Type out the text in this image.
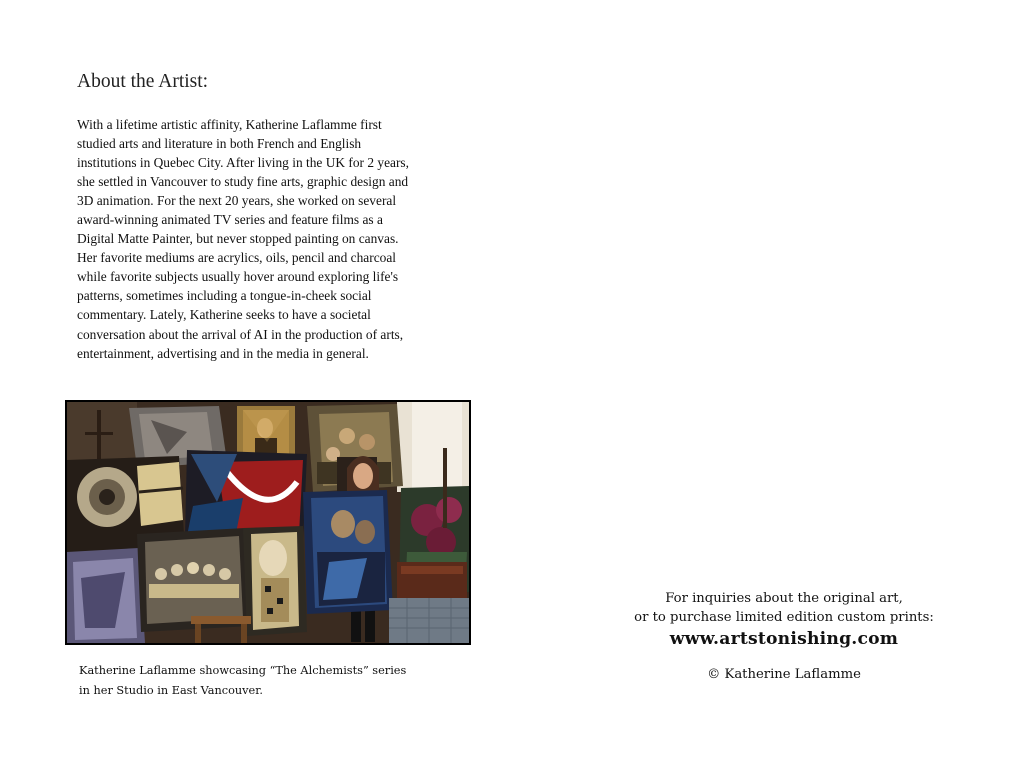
About the Artist:

With a lifetime artistic affinity, Katherine Laflamme first
studied arts and literature in both French and English
institutions in Quebec City. After living in the UK for 2 years,
she settled in Vancouver to study fine arts, graphic design and
3D animation. For the next 20 years, she worked on several
award-winning animated TV series and feature films as a
Digital Matte Painter, but never stopped painting on canvas.
Her favorite mediums are acrylics, oils, pencil and charcoal
while favorite subjects usually hover around exploring life's
patterns, sometimes including a tongue-in-cheek social
commentary. Lately, Katherine seeks to have a societal
conversation about the arrival of AI in the production of arts,
entertainment, advertising and in the media in general.

Katherine Laflamme showcasing “The Alchemists” series
in her Studio in East Vancouver.

For inquiries about the original art,
or to purchase limited edition custom prints:
www.artstonishing.com
© Katherine Laflamme
